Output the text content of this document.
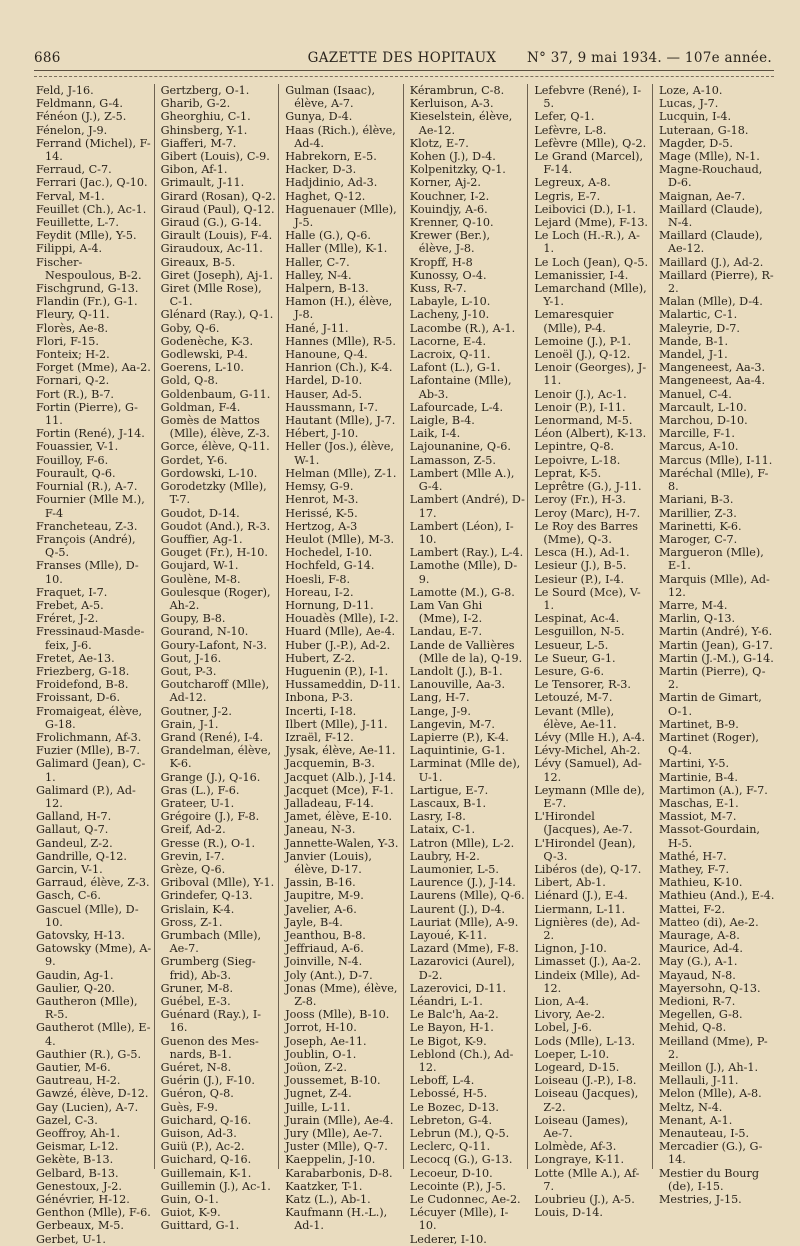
686	GAZETTE DES HOPITAUX	N° 37, 9 mai 1934. — 107e année.
Feld, J-16.
Feldmann, G-4.
Fénéon (J.), Z-5.
Fénelon, J-9.
Ferrand (Michel), F-14.
Ferraud, C-7.
Ferrari (Jac.), Q-10.
Ferval, M-1.
Feuillet (Ch.), Ac-1.
Feuillette, L-7.
Feydit (Mlle), Y-5.
Filippi, A-4.
Fischer-Nespoulous, B-2.
Fischgrund, G-13.
Flandin (Fr.), G-1.
Fleury, Q-11.
Florès, Ae-8.
Flori, F-15.
Fonteix; H-2.
Forget (Mme), Aa-2.
Fornari, Q-2.
Fort (R.), B-7.
Fortin (Pierre), G-11.
Fortin (René), J-14.
Fouassier, V-1.
Fouilloy, F-6.
Fourault, Q-6.
Fournial (R.), A-7.
Fournier (Mlle M.), F-4
Francheteau, Z-3.
François (André), Q-5.
Franses (Mlle), D-10.
Fraquet, I-7.
Frebet, A-5.
Fréret, J-2.
Fressinaud-Masde-feix, J-6.
Fretet, Ae-13.
Friezberg, G-18.
Froidefond, B-8.
Froissant, D-6.
Fromaigeat, élève, G-18.
Frolichmann, Af-3.
Fuzier (Mlle), B-7.
Galimard (Jean), C-1.
Galimard (P.), Ad-12.
Galland, H-7.
Gallaut, Q-7.
Gandeul, Z-2.
Gandrille, Q-12.
Garcin, V-1.
Garraud, élève, Z-3.
Gasch, C-6.
Gascuel (Mlle), D-10.
Gatovsky, H-13.
Gatowsky (Mme), A-9.
Gaudin, Ag-1.
Gaulier, Q-20.
Gautheron (Mlle), R-5.
Gautherot (Mlle), E-4.
Gauthier (R.), G-5.
Gautier, M-6.
Gautreau, H-2.
Gawzé, élève, D-12.
Gay (Lucien), A-7.
Gazel, C-3.
Geoffroy, Ah-1.
Geismar, L-12.
Gekète, B-13.
Gelbard, B-13.
Genestoux, J-2.
Génévrier, H-12.
Genthon (Mlle), F-6.
Gerbeaux, M-5.
Gerbet, U-1.
Gertzberg, O-1.
Gharib, G-2.
Gheorghiu, C-1.
Ghinsberg, Y-1.
Giafferi, M-7.
Gibert (Louis), C-9.
Gibon, Af-1.
Grimault, J-11.
Girard (Rosan), Q-2.
Giraud (Paul), Q-12.
Giraud (G.), G-14.
Girault (Louis), F-4.
Giraudoux, Ac-11.
Gireaux, B-5.
Giret (Joseph), Aj-1.
Giret (Mlle Rose), C-1.
Glénard (Ray.), Q-1.
Goby, Q-6.
Godenèche, K-3.
Godlewski, P-4.
Goerens, L-10.
Gold, Q-8.
Goldenbaum, G-11.
Goldman, F-4.
Gomès de Mattos (Mlle), élève, Z-3.
Gorce, élève, Q-11.
Gordet, Y-6.
Gordowski, L-10.
Gorodetzky (Mlle), T-7.
Goudot, D-14.
Goudot (And.), R-3.
Gouffier, Ag-1.
Gouget (Fr.), H-10.
Goujard, W-1.
Goulène, M-8.
Goulesque (Roger), Ah-2.
Goupy, B-8.
Gourand, N-10.
Goury-Lafont, N-3.
Gout, J-16.
Gout, P-3.
Goutcharoff (Mlle), Ad-12.
Goutner, J-2.
Grain, J-1.
Grand (René), I-4.
Grandelman, élève, K-6.
Grange (J.), Q-16.
Gras (L.), F-6.
Grateer, U-1.
Grégoire (J.), F-8.
Greif, Ad-2.
Gresse (R.), O-1.
Grevin, I-7.
Grèze, Q-6.
Griboval (Mlle), Y-1.
Grindefer, Q-13.
Grislain, K-4.
Gross, Z-1.
Grumbach (Mlle), Ae-7.
Grumberg (Sieg-frid), Ab-3.
Gruner, M-8.
Guébel, E-3.
Guénard (Ray.), I-16.
Guenon des Mes-nards, B-1.
Guéret, N-8.
Guérin (J.), F-10.
Guéron, Q-8.
Guès, F-9.
Guichard, Q-16.
Guison, Ad-3.
Guiü (P.), Ac-2.
Guichard, Q-16.
Guillemain, K-1.
Guillemin (J.), Ac-1.
Guin, O-1.
Guiot, K-9.
Guittard, G-1.
Gulman (Isaac), élève, A-7.
Gunya, D-4.
Haas (Rich.), élève, Ad-4.
Habrekorn, E-5.
Hacker, D-3.
Hadjdinio, Ad-3.
Haghet, Q-12.
Haguenauer (Mlle), J-5.
Halle (G.), Q-6.
Haller (Mlle), K-1.
Haller, C-7.
Halley, N-4.
Halpern, B-13.
Hamon (H.), élève, J-8.
Hané, J-11.
Hannes (Mlle), R-5.
Hanoune, Q-4.
Hanrion (Ch.), K-4.
Hardel, D-10.
Hauser, Ad-5.
Haussmann, I-7.
Hautant (Mlle), J-7.
Hébert, J-10.
Heller (Jos.), élève, W-1.
Helman (Mlle), Z-1.
Hemsy, G-9.
Henrot, M-3.
Herissé, K-5.
Hertzog, A-3
Heulot (Mlle), M-3.
Hochedel, I-10.
Hochfeld, G-14.
Hoesli, F-8.
Horeau, I-2.
Hornung, D-11.
Houadès (Mlle), I-2.
Huard (Mlle), Ae-4.
Huber (J.-P.), Ad-2.
Hubert, Z-2.
Huguenin (P.), I-1.
Hussameddin, D-11.
Inbona, P-3.
Incerti, I-18.
Ilbert (Mlle), J-11.
Izraël, F-12.
Jysak, élève, Ae-11.
Jacquemin, B-3.
Jacquet (Alb.), J-14.
Jacquet (Mce), F-1.
Jalladeau, F-14.
Jamet, élève, E-10.
Janeau, N-3.
Jannette-Walen, Y-3.
Janvier (Louis), élève, D-17.
Jassin, B-16.
Jaupitre, M-9.
Javelier, A-6.
Jayle, B-4.
Jeanthou, B-8.
Jeffriaud, A-6.
Joinville, N-4.
Joly (Ant.), D-7.
Jonas (Mme), élève, Z-8.
Jooss (Mlle), B-10.
Jorrot, H-10.
Joseph, Ae-11.
Joublin, O-1.
Joüon, Z-2.
Joussemet, B-10.
Jugnet, Z-4.
Juille, L-11.
Jurain (Mlle), Ae-4.
Jury (Mlle), Ae-7.
Juster (Mlle), Q-7.
Kaeppelin, J-10.
Karabarbonis, D-8.
Kaatzker, T-1.
Katz (L.), Ab-1.
Kaufmann (H.-L.), Ad-1.
Kérambrun, C-8.
Kerluison, A-3.
Kieselstein, élève, Ae-12.
Klotz, E-7.
Kohen (J.), D-4.
Kolpenitzky, Q-1.
Korner, Aj-2.
Kouchner, I-2.
Kouindjy, A-6.
Krenner, Q-10.
Krewer (Ber.), élève, J-8.
Kropff, H-8
Kunossy, O-4.
Kuss, R-7.
Labayle, L-10.
Lacheny, J-10.
Lacombe (R.), A-1.
Lacorne, E-4.
Lacroix, Q-11.
Lafont (L.), G-1.
Lafontaine (Mlle), Ab-3.
Lafourcade, L-4.
Laigle, B-4.
Laik, I-4.
Lajounanine, Q-6.
Lamasson, Z-5.
Lambert (Mlle A.), G-4.
Lambert (André), D-17.
Lambert (Léon), I-10.
Lambert (Ray.), L-4.
Lamothe (Mlle), D-9.
Lamotte (M.), G-8.
Lam Van Ghi (Mme), I-2.
Landau, E-7.
Lande de Vallières (Mlle de la), Q-19.
Landolt (J.), B-1.
Lanouville, Aa-3.
Lang, H-7.
Lange, J-9.
Langevin, M-7.
Lapierre (P.), K-4.
Laquintinie, G-1.
Larminat (Mlle de), U-1.
Lartigue, E-7.
Lascaux, B-1.
Lasry, I-8.
Lataix, C-1.
Latron (Mlle), L-2.
Laubry, H-2.
Laumonier, L-5.
Laurence (J.), J-14.
Laurens (Mlle), Q-6.
Laurent (J.), D-4.
Lauriat (Mlle), A-9.
Layoué, K-11.
Lazard (Mme), F-8.
Lazarovici (Aurel), D-2.
Lazerovici, D-11.
Léandri, L-1.
Le Balc'h, Aa-2.
Le Bayon, H-1.
Le Bigot, K-9.
Leblond (Ch.), Ad-12.
Leboff, L-4.
Lebossé, H-5.
Le Bozec, D-13.
Lebreton, G-4.
Lebrun (M.), Q-5.
Leclerc, Q-11.
Lecocq (G.), G-13.
Lecoeur, D-10.
Lecointe (P.), J-5.
Le Cudonnec, Ae-2.
Lécuyer (Mlle), I-10.
Lederer, I-10.
Lefebvre (René), I-5.
Lefer, Q-1.
Lefèvre, L-8.
Lefèvre (Mlle), Q-2.
Le Grand (Marcel), F-14.
Legreux, A-8.
Legris, E-7.
Leibovici (D.), I-1.
Lejard (Mme), F-13.
Le Loch (H.-R.), A-1.
Le Loch (Jean), Q-5.
Lemanissier, I-4.
Lemarchand (Mlle), Y-1.
Lemaresquier (Mlle), P-4.
Lemoine (J.), P-1.
Lenoël (J.), Q-12.
Lenoir (Georges), J-11.
Lenoir (J.), Ac-1.
Lenoir (P.), I-11.
Lenormand, M-5.
Léon (Albert), K-13.
Lepintre, Q-8.
Lepoivre, L-18.
Leprat, K-5.
Leprêtre (G.), J-11.
Leroy (Fr.), H-3.
Leroy (Marc), H-7.
Le Roy des Barres (Mme), Q-3.
Lesca (H.), Ad-1.
Lesieur (J.), B-5.
Lesieur (P.), I-4.
Le Sourd (Mce), V-1.
Lespinat, Ac-4.
Lesguillon, N-5.
Lesueur, L-5.
Le Sueur, G-1.
Lesure, G-6.
Le Tensorer, R-3.
Letouzé, M-7.
Levant (Mlle), élève, Ae-11.
Lévy (Mlle H.), A-4.
Lévy-Michel, Ah-2.
Lévy (Samuel), Ad-12.
Leymann (Mlle de), E-7.
L'Hirondel (Jacques), Ae-7.
L'Hirondel (Jean), Q-3.
Libéros (de), Q-17.
Libert, Ab-1.
Liénard (J.), E-4.
Liermann, L-11.
Lignières (de), Ad-2.
Lignon, J-10.
Limasset (J.), Aa-2.
Lindeix (Mlle), Ad-12.
Lion, A-4.
Livory, Ae-2.
Lobel, J-6.
Lods (Mlle), L-13.
Loeper, L-10.
Logeard, D-15.
Loiseau (J.-P.), I-8.
Loiseau (Jacques), Z-2.
Loiseau (James), Ae-7.
Lolmède, Af-3.
Longraye, K-11.
Lotte (Mlle A.), Af-7.
Loubrieu (J.), A-5.
Louis, D-14.
Loze, A-10.
Lucas, J-7.
Lucquin, I-4.
Luteraan, G-18.
Magder, D-5.
Mage (Mlle), N-1.
Magne-Rouchaud, D-6.
Maignan, Ae-7.
Maillard (Claude), N-4.
Maillard (Claude), Ae-12.
Maillard (J.), Ad-2.
Maillard (Pierre), R-2.
Malan (Mlle), D-4.
Malartic, C-1.
Maleyrie, D-7.
Mande, B-1.
Mandel, J-1.
Mangeneest, Aa-3.
Mangeneest, Aa-4.
Manuel, C-4.
Marcault, L-10.
Marchou, D-10.
Marcille, F-1.
Marcus, A-10.
Marcus (Mlle), I-11.
Maréchal (Mlle), F-8.
Mariani, B-3.
Marillier, Z-3.
Marinetti, K-6.
Maroger, C-7.
Margueron (Mlle), E-1.
Marquis (Mlle), Ad-12.
Marre, M-4.
Marlin, Q-13.
Martin (André), Y-6.
Martin (Jean), G-17.
Martin (J.-M.), G-14.
Martin (Pierre), Q-2.
Martin de Gimart, O-1.
Martinet, B-9.
Martinet (Roger), Q-4.
Martini, Y-5.
Martinie, B-4.
Martimon (A.), F-7.
Maschas, E-1.
Massiot, M-7.
Massot-Gourdain, H-5.
Mathé, H-7.
Mathey, F-7.
Mathieu, K-10.
Mathieu (And.), E-4.
Mattei, F-2.
Matteo (di), Ae-2.
Maurage, A-8.
Maurice, Ad-4.
May (G.), A-1.
Mayaud, N-8.
Mayersohn, Q-13.
Medioni, R-7.
Megellen, G-8.
Mehid, Q-8.
Meilland (Mme), P-2.
Meillon (J.), Ah-1.
Mellauli, J-11.
Melon (Mlle), A-8.
Meltz, N-4.
Menant, A-1.
Menauteau, I-5.
Mercadier (G.), G-14.
Mestier du Bourg (de), I-15.
Mestries, J-15.
